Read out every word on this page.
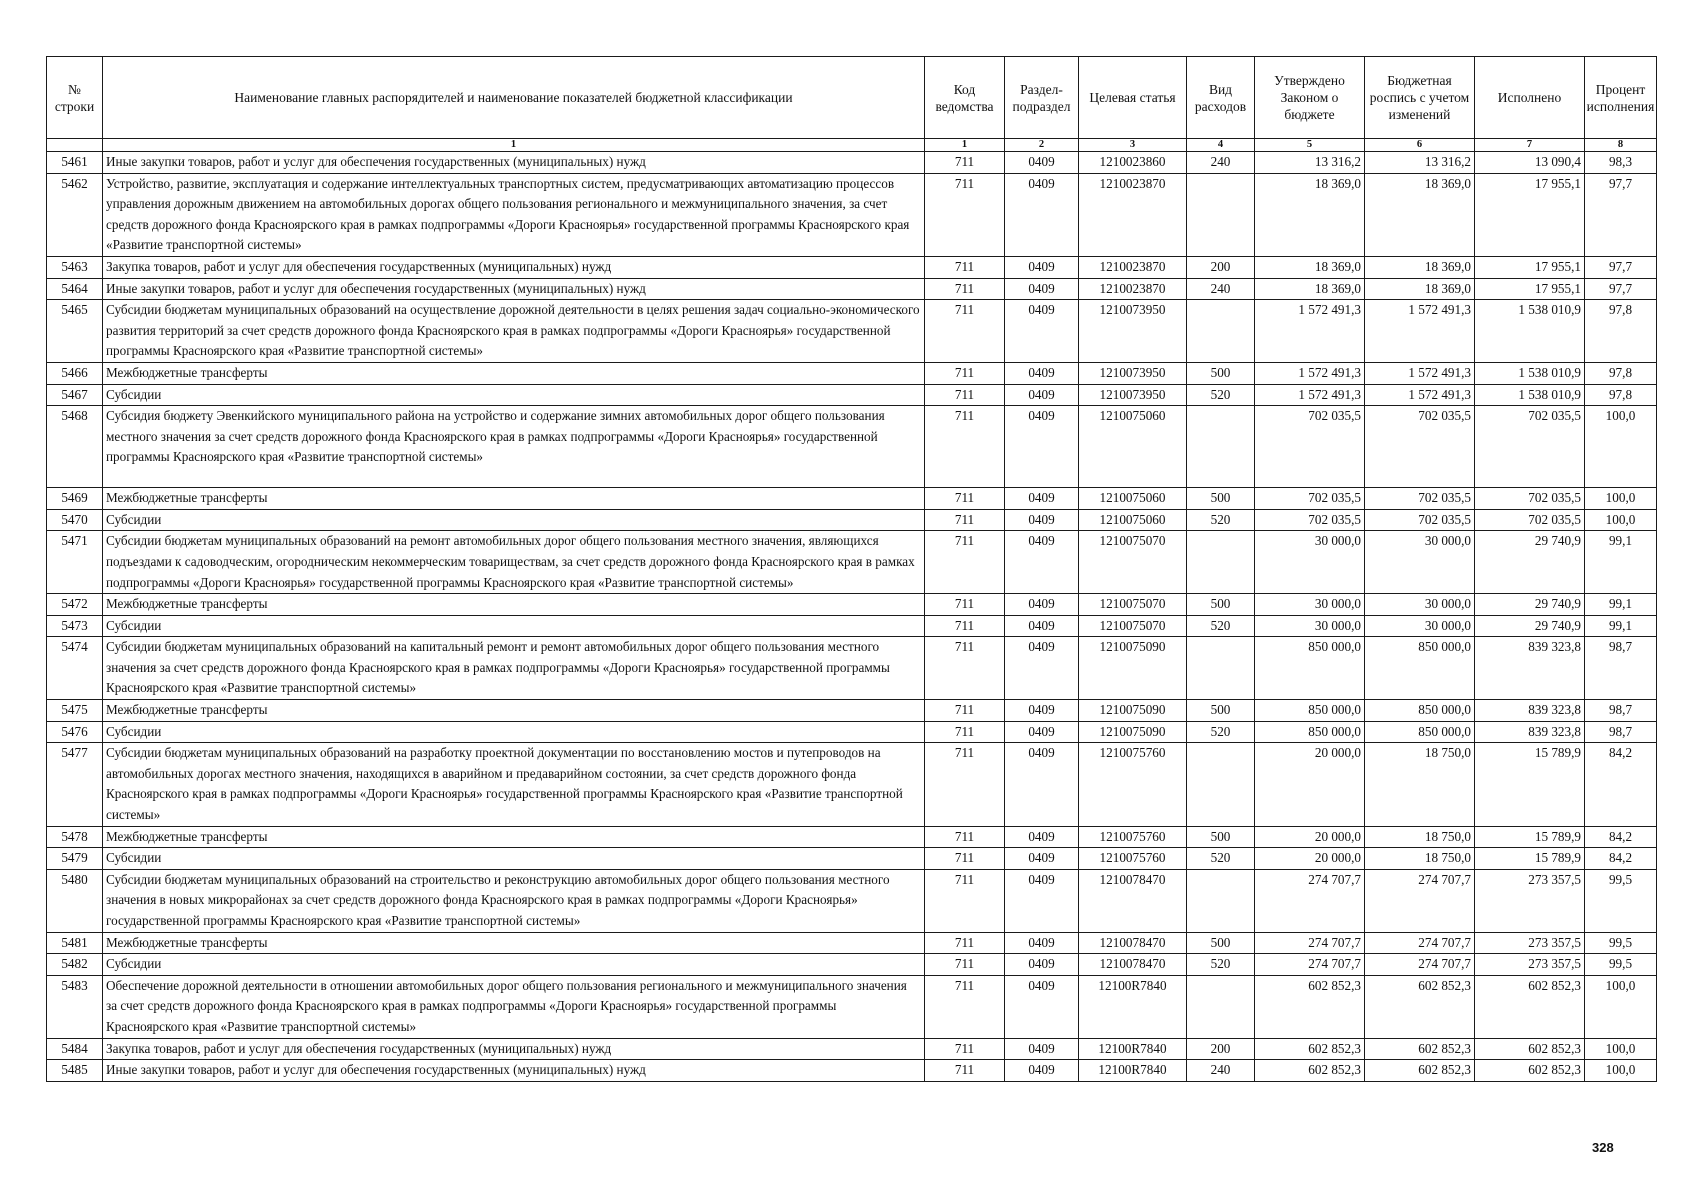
№ строки	Наименование главных распорядителей и наименование показателей бюджетной классификации	Код ведомства	Раздел-подраздел	Целевая статья	Вид расходов	Утверждено Законом о бюджете	Бюджетная роспись с учетом изменений	Исполнено	Процент исполнения
	1	1	2	3	4	5	6	7	8
5461	Иные закупки товаров, работ и услуг для обеспечения государственных (муниципальных) нужд	711	0409	1210023860	240	13 316,2	13 316,2	13 090,4	98,3
5462	Устройство, развитие, эксплуатация и содержание интеллектуальных транспортных систем, предусматривающих автоматизацию процессов управления дорожным движением на автомобильных дорогах общего пользования регионального и межмуниципального значения, за счет средств дорожного фонда Красноярского края в рамках подпрограммы «Дороги Красноярья» государственной программы Красноярского края «Развитие транспортной системы»	711	0409	1210023870		18 369,0	18 369,0	17 955,1	97,7
5463	Закупка товаров, работ и услуг для обеспечения государственных (муниципальных) нужд	711	0409	1210023870	200	18 369,0	18 369,0	17 955,1	97,7
5464	Иные закупки товаров, работ и услуг для обеспечения государственных (муниципальных) нужд	711	0409	1210023870	240	18 369,0	18 369,0	17 955,1	97,7
5465	Субсидии бюджетам муниципальных образований на осуществление дорожной деятельности в целях решения задач социально-экономического развития территорий за счет средств дорожного фонда Красноярского края в рамках подпрограммы «Дороги Красноярья» государственной программы Красноярского края «Развитие транспортной системы»	711	0409	1210073950		1 572 491,3	1 572 491,3	1 538 010,9	97,8
5466	Межбюджетные трансферты	711	0409	1210073950	500	1 572 491,3	1 572 491,3	1 538 010,9	97,8
5467	Субсидии	711	0409	1210073950	520	1 572 491,3	1 572 491,3	1 538 010,9	97,8
5468	Субсидия бюджету Эвенкийского муниципального района на устройство и содержание зимних автомобильных дорог общего пользования местного значения за счет средств дорожного фонда Красноярского края в рамках подпрограммы «Дороги Красноярья» государственной программы Красноярского края «Развитие транспортной системы»	711	0409	1210075060		702 035,5	702 035,5	702 035,5	100,0
5469	Межбюджетные трансферты	711	0409	1210075060	500	702 035,5	702 035,5	702 035,5	100,0
5470	Субсидии	711	0409	1210075060	520	702 035,5	702 035,5	702 035,5	100,0
5471	Субсидии бюджетам муниципальных образований на ремонт автомобильных дорог общего пользования местного значения, являющихся подъездами к садоводческим, огородническим некоммерческим товариществам, за счет средств дорожного фонда Красноярского края в рамках подпрограммы «Дороги Красноярья» государственной программы Красноярского края «Развитие транспортной системы»	711	0409	1210075070		30 000,0	30 000,0	29 740,9	99,1
5472	Межбюджетные трансферты	711	0409	1210075070	500	30 000,0	30 000,0	29 740,9	99,1
5473	Субсидии	711	0409	1210075070	520	30 000,0	30 000,0	29 740,9	99,1
5474	Субсидии бюджетам муниципальных образований на капитальный ремонт и ремонт автомобильных дорог общего пользования местного значения за счет средств дорожного фонда Красноярского края в рамках подпрограммы «Дороги Красноярья» государственной программы Красноярского края «Развитие транспортной системы»	711	0409	1210075090		850 000,0	850 000,0	839 323,8	98,7
5475	Межбюджетные трансферты	711	0409	1210075090	500	850 000,0	850 000,0	839 323,8	98,7
5476	Субсидии	711	0409	1210075090	520	850 000,0	850 000,0	839 323,8	98,7
5477	Субсидии бюджетам муниципальных образований на разработку проектной документации по восстановлению мостов и путепроводов на автомобильных дорогах местного значения, находящихся в аварийном и предаварийном состоянии, за счет средств дорожного фонда Красноярского края в рамках подпрограммы «Дороги Красноярья» государственной программы Красноярского края «Развитие транспортной системы»	711	0409	1210075760		20 000,0	18 750,0	15 789,9	84,2
5478	Межбюджетные трансферты	711	0409	1210075760	500	20 000,0	18 750,0	15 789,9	84,2
5479	Субсидии	711	0409	1210075760	520	20 000,0	18 750,0	15 789,9	84,2
5480	Субсидии бюджетам муниципальных образований на строительство и реконструкцию автомобильных дорог общего пользования местного значения в новых микрорайонах за счет средств дорожного фонда Красноярского края в рамках подпрограммы «Дороги Красноярья» государственной программы Красноярского края «Развитие транспортной системы»	711	0409	1210078470		274 707,7	274 707,7	273 357,5	99,5
5481	Межбюджетные трансферты	711	0409	1210078470	500	274 707,7	274 707,7	273 357,5	99,5
5482	Субсидии	711	0409	1210078470	520	274 707,7	274 707,7	273 357,5	99,5
5483	Обеспечение дорожной деятельности в отношении автомобильных дорог общего пользования регионального и межмуниципального значения за счет средств дорожного фонда Красноярского края в рамках подпрограммы «Дороги Красноярья» государственной программы Красноярского края «Развитие транспортной системы»	711	0409	12100R7840		602 852,3	602 852,3	602 852,3	100,0
5484	Закупка товаров, работ и услуг для обеспечения государственных (муниципальных) нужд	711	0409	12100R7840	200	602 852,3	602 852,3	602 852,3	100,0
5485	Иные закупки товаров, работ и услуг для обеспечения государственных (муниципальных) нужд	711	0409	12100R7840	240	602 852,3	602 852,3	602 852,3	100,0
328
